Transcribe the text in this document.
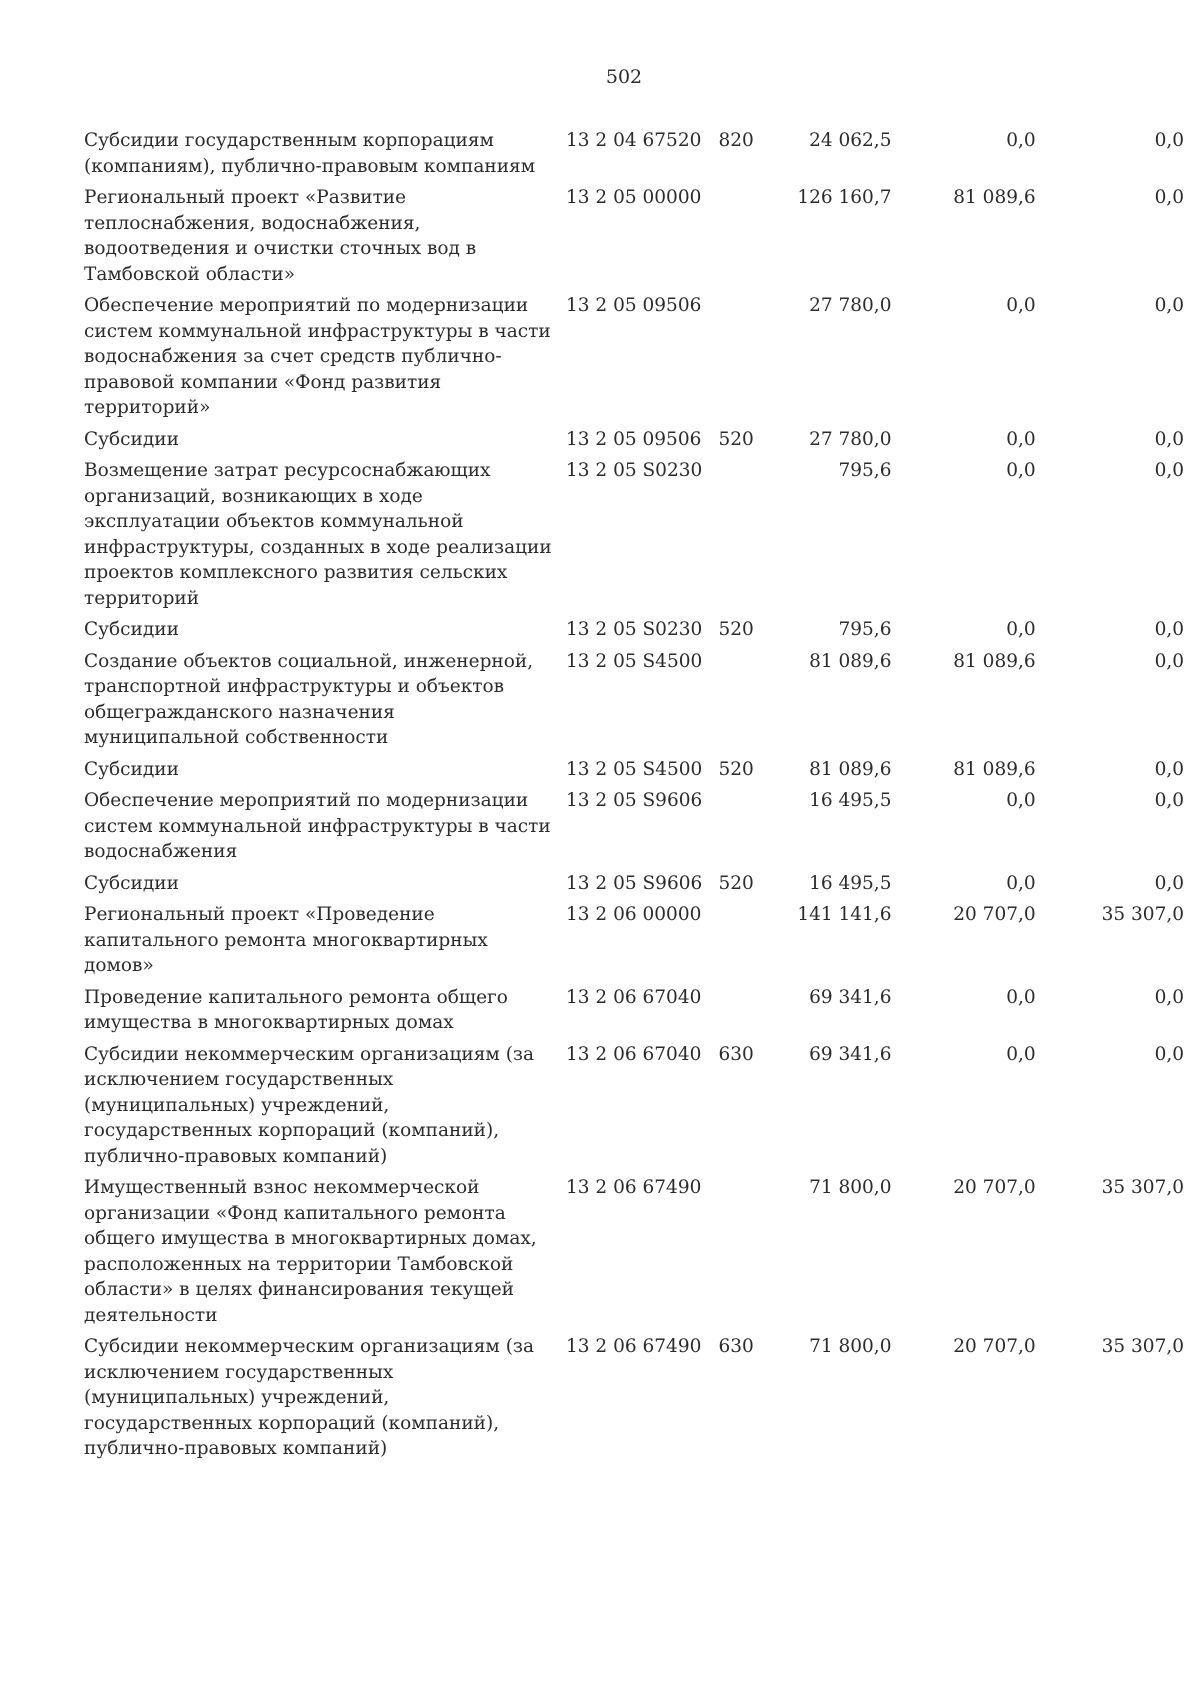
502
Субсидии государственным корпорациям (компаниям), публично-правовым компаниям	13 2 04 67520	820	24 062,5	0,0	0,0
Региональный проект «Развитие теплоснабжения, водоснабжения, водоотведения и очистки сточных вод в Тамбовской области»	13 2 05 00000		126 160,7	81 089,6	0,0
Обеспечение мероприятий по модернизации систем коммунальной инфраструктуры в части водоснабжения за счет средств публично-правовой компании «Фонд развития территорий»	13 2 05 09506		27 780,0	0,0	0,0
Субсидии	13 2 05 09506	520	27 780,0	0,0	0,0
Возмещение затрат ресурсоснабжающих организаций, возникающих в ходе эксплуатации объектов коммунальной инфраструктуры, созданных в ходе реализации проектов комплексного развития сельских территорий	13 2 05 S0230		795,6	0,0	0,0
Субсидии	13 2 05 S0230	520	795,6	0,0	0,0
Создание объектов социальной, инженерной, транспортной инфраструктуры и объектов общегражданского назначения муниципальной собственности	13 2 05 S4500		81 089,6	81 089,6	0,0
Субсидии	13 2 05 S4500	520	81 089,6	81 089,6	0,0
Обеспечение мероприятий по модернизации систем коммунальной инфраструктуры в части водоснабжения	13 2 05 S9606		16 495,5	0,0	0,0
Субсидии	13 2 05 S9606	520	16 495,5	0,0	0,0
Региональный проект «Проведение капитального ремонта многоквартирных домов»	13 2 06 00000		141 141,6	20 707,0	35 307,0
Проведение капитального ремонта общего имущества в многоквартирных домах	13 2 06 67040		69 341,6	0,0	0,0
Субсидии некоммерческим организациям (за исключением государственных (муниципальных) учреждений, государственных корпораций (компаний), публично-правовых компаний)	13 2 06 67040	630	69 341,6	0,0	0,0
Имущественный взнос некоммерческой организации «Фонд капитального ремонта общего имущества в многоквартирных домах, расположенных на территории Тамбовской области» в целях финансирования текущей деятельности	13 2 06 67490		71 800,0	20 707,0	35 307,0
Субсидии некоммерческим организациям (за исключением государственных (муниципальных) учреждений, государственных корпораций (компаний), публично-правовых компаний)	13 2 06 67490	630	71 800,0	20 707,0	35 307,0
